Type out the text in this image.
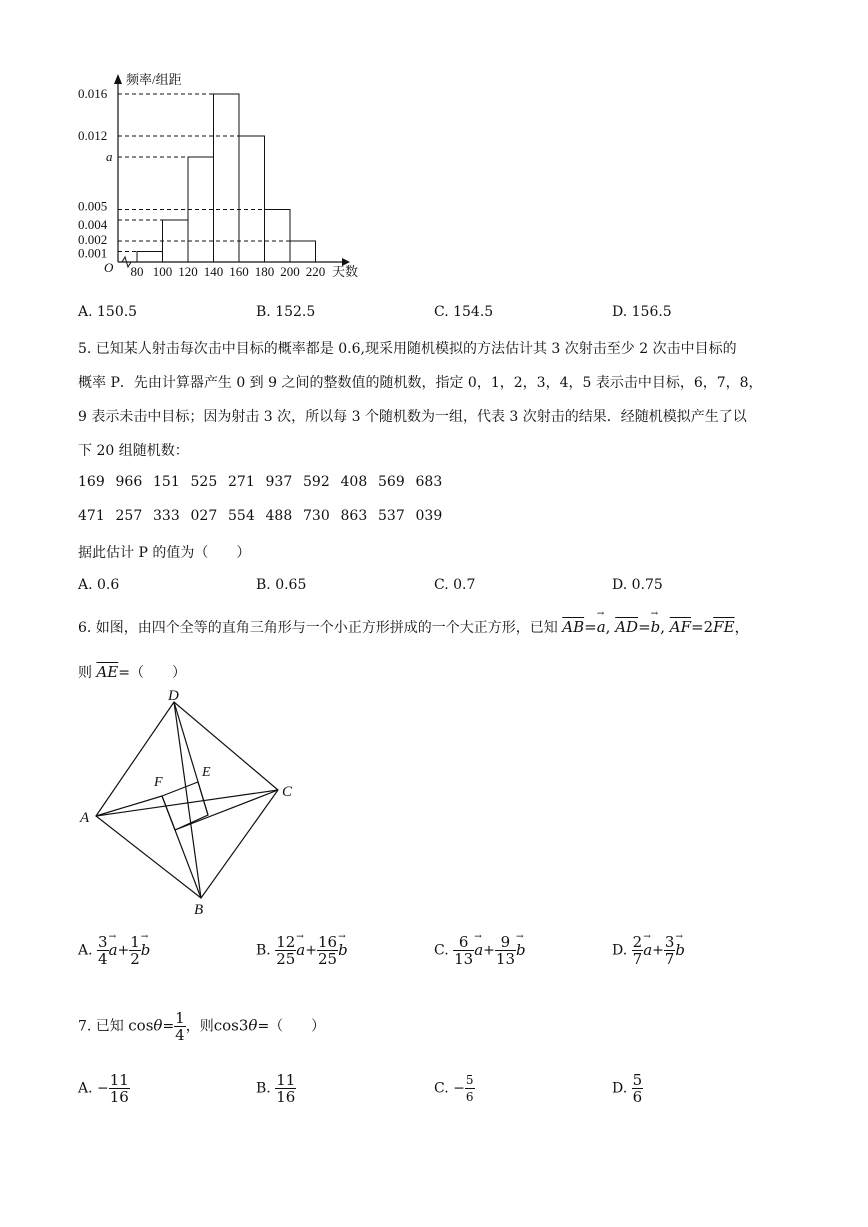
频率/组距
天数
O
0.016
0.012
a
0.005
0.004
0.002
0.001
80 100 120 140 160 180 200 220
A. 150.5	B. 152.5	C. 154.5	D. 156.5
5. 已知某人射击每次击中目标的概率都是 0.6,现采用随机模拟的方法估计其 3 次射击至少 2 次击中目标的
概率 P．先由计算器产生 0 到 9 之间的整数值的随机数，指定 0，1，2，3，4，5 表示击中目标，6，7，8，
9 表示未击中目标；因为射击 3 次，所以每 3 个随机数为一组，代表 3 次射击的结果．经随机模拟产生了以
下 20 组随机数：
169 966 151 525 271 937 592 408 569 683
471 257 333 027 554 488 730 863 537 039
据此估计 P 的值为（　　）
A. 0.6	B. 0.65	C. 0.7	D. 0.75
6. 如图，由四个全等的直角三角形与一个小正方形拼成的一个大正方形，已知 $\overline{AB}=\to a$, $\overline{AD}=\to b$, $\overline{AF}=2\overline{FE}$，
则 $\overline{AE}=$（　　）
A
D
C
B
E
F
A. $\frac{3}{4} \to a+ \frac{1}{2} \to b$	B. $\frac{12}{25} \to a+ \frac{16}{25} \to b$	C. $\frac{6}{13} \to a+ \frac{9}{13} \to b$	D. $\frac{2}{7} \to a+ \frac{3}{7} \to b$
7. 已知 $\cos\theta= \frac{1}{4}$ ，则cos3θ=（　　）
A. − $\frac{11}{16}$	B. $\frac{11}{16}$	C. − $\frac{5}{6}$	D. $\frac{5}{6}$
